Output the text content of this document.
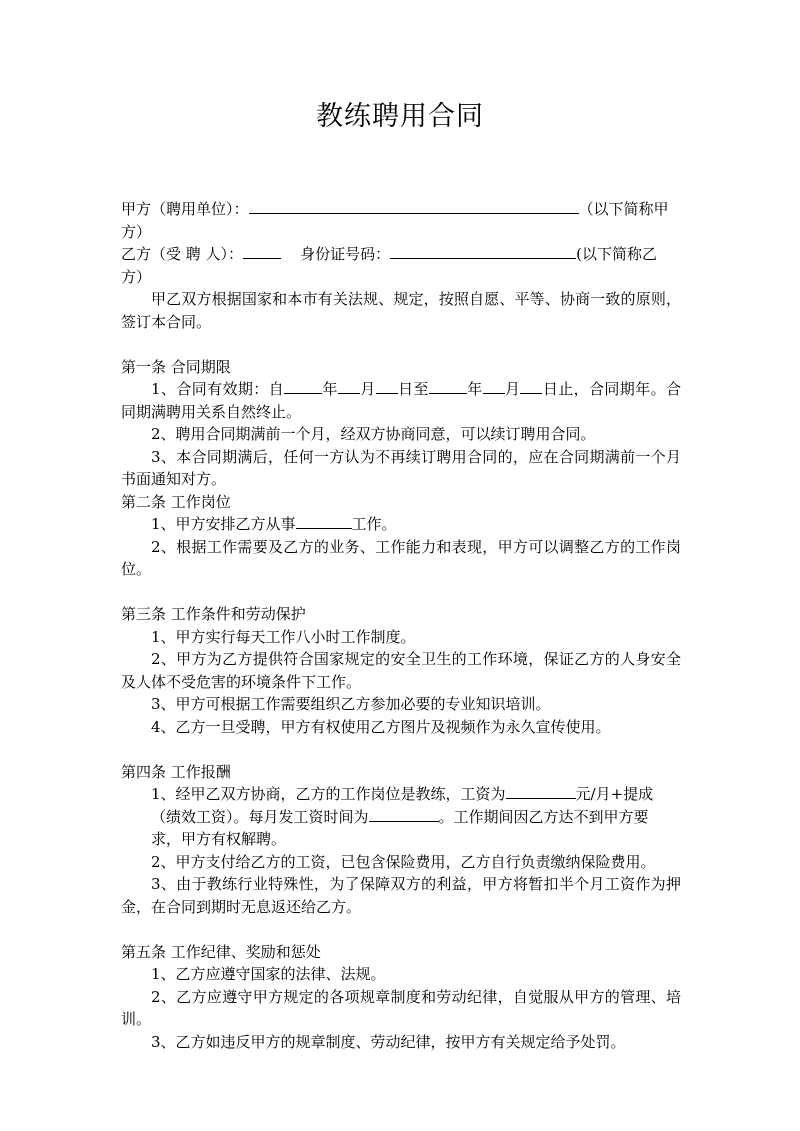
教练聘用合同

甲方（聘用单位）：	（以下简称甲

方）

乙方（受 聘 人）：	身份证号码：	(以下简称乙

方）

甲乙双方根据国家和本市有关法规、规定，按照自愿、平等、协商一致的原则，签订本合同。

第一条 合同期限

1、合同有效期：自	年 月 日至	年 月 日止，合同期年。合同期满聘用关系自然终止。

2、聘用合同期满前一个月，经双方协商同意，可以续订聘用合同。

3、本合同期满后，任何一方认为不再续订聘用合同的，应在合同期满前一个月书面通知对方。

第二条 工作岗位

1、甲方安排乙方从事	工作。

2、根据工作需要及乙方的业务、工作能力和表现，甲方可以调整乙方的工作岗位。

第三条 工作条件和劳动保护

1、甲方实行每天工作八小时工作制度。

2、甲方为乙方提供符合国家规定的安全卫生的工作环境，保证乙方的人身安全及人体不受危害的环境条件下工作。

3、甲方可根据工作需要组织乙方参加必要的专业知识培训。

4、乙方一旦受聘，甲方有权使用乙方图片及视频作为永久宣传使用。

第四条 工作报酬

1、经甲乙双方协商，乙方的工作岗位是教练，工资为	元/月+提成

（绩效工资）。每月发工资时间为	。工作期间因乙方达不到甲方要

求，甲方有权解聘。

2、甲方支付给乙方的工资，已包含保险费用，乙方自行负责缴纳保险费用。

3、由于教练行业特殊性，为了保障双方的利益，甲方将暂扣半个月工资作为押金，在合同到期时无息返还给乙方。

第五条 工作纪律、奖励和惩处

1、乙方应遵守国家的法律、法规。

2、乙方应遵守甲方规定的各项规章制度和劳动纪律，自觉服从甲方的管理、培训。

3、乙方如违反甲方的规章制度、劳动纪律，按甲方有关规定给予处罚。
